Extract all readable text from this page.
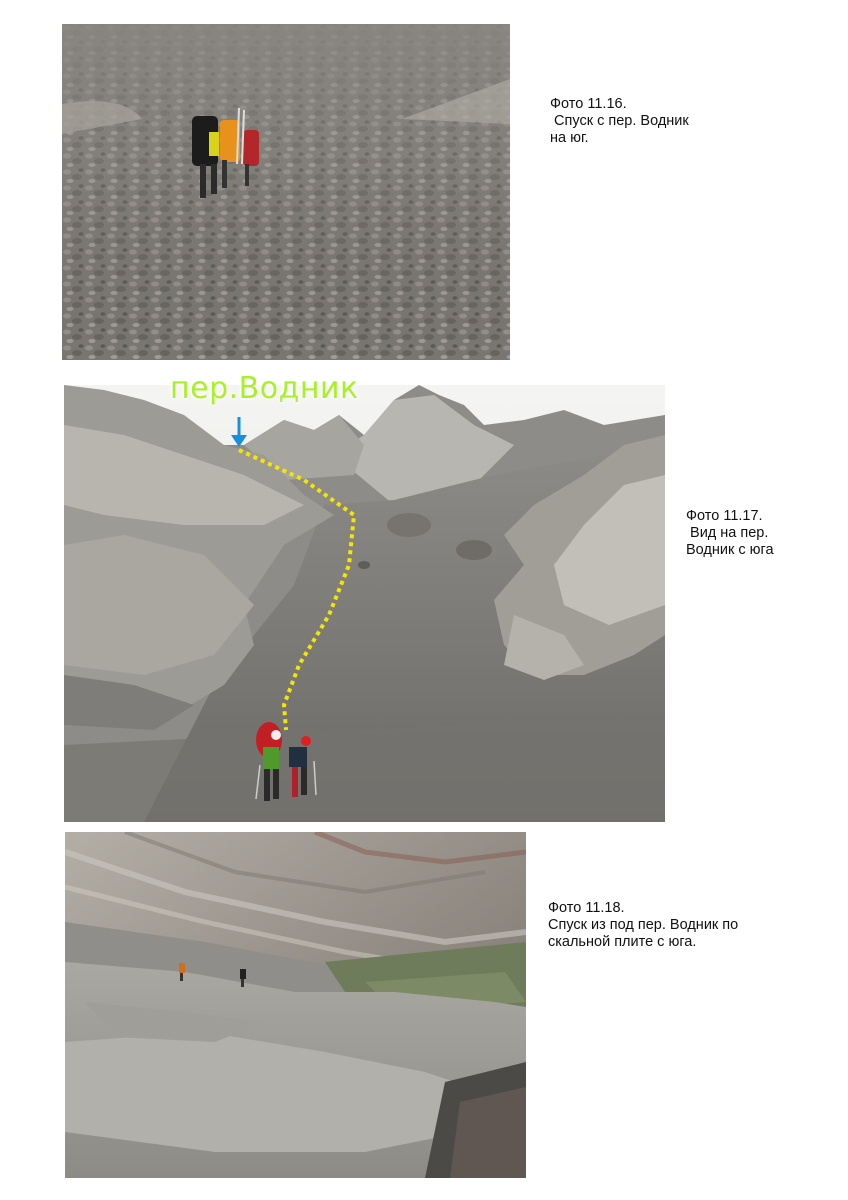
Фото 11.16.
Спуск с пер. Водник
на юг.
пер.Водник
Фото 11.17.
Вид на пер.
Водник с юга
Фото 11.18.
Спуск из под пер. Водник по
скальной плите с юга.
